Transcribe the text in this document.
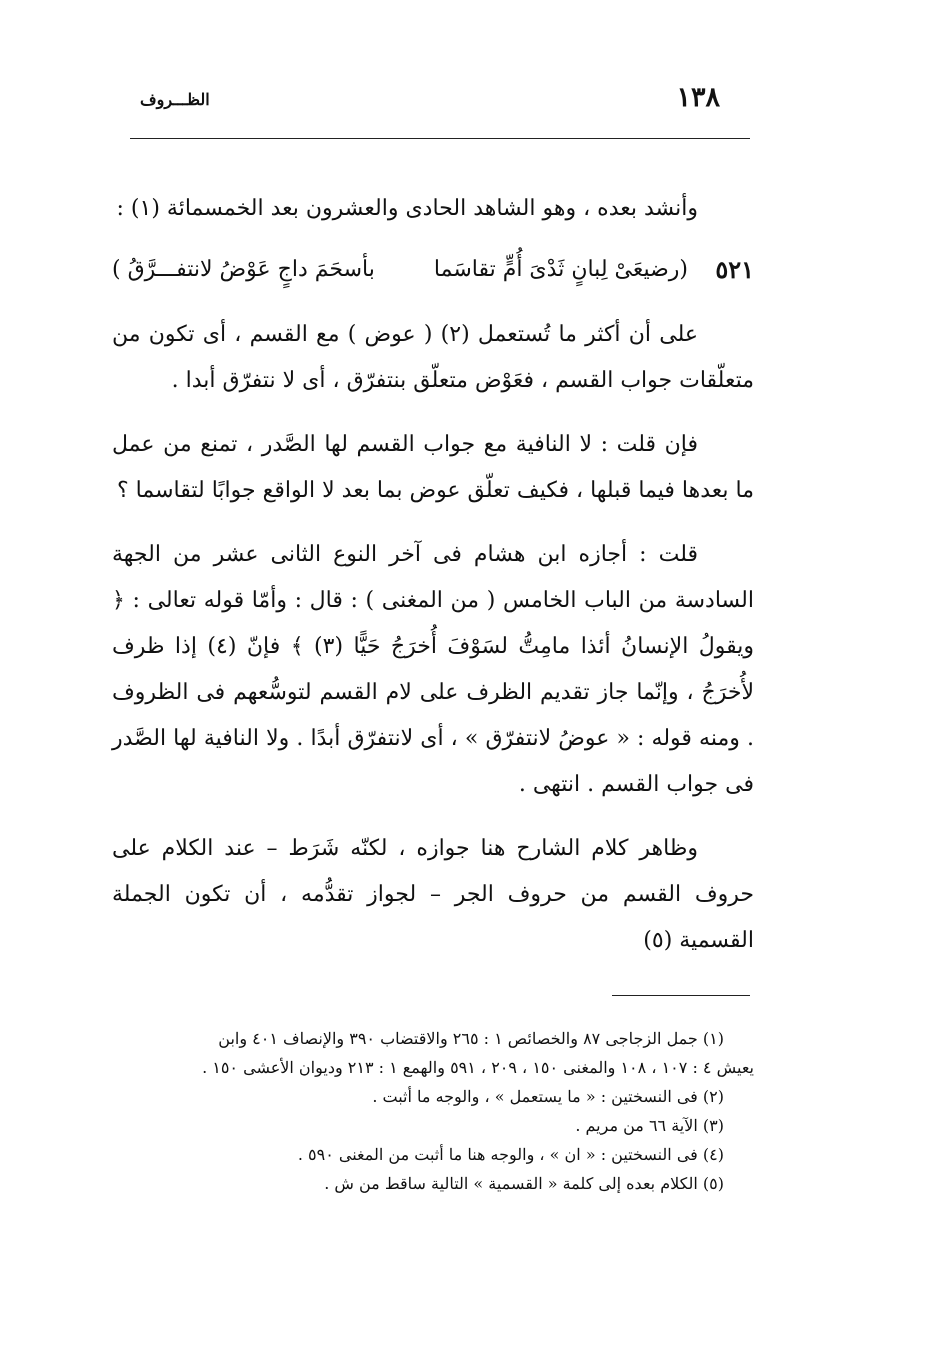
١٣٨
الظـــروف

وأنشد بعده ، وهو الشاهد الحادى والعشرون بعد الخمسمائة (١) :

٥٢١
(رضيعَىْ لِبانٍ ثَدْىَ أُمٍّ تقاسَما
بأسحَمَ داجٍ عَوْضُ لانتفـــرَّقُ )

على أن أكثر ما تُستعمل (٢) ( عوض ) مع القسم ، أى تكون من متعلّقات جواب القسم ، فعَوْض متعلّق بنتفرّق ، أى لا نتفرّق أبدا .

فإن قلت : لا النافية مع جواب القسم لها الصَّدر ، تمنع من عمل ما بعدها فيما قبلها ، فكيف تعلّق عوض بما بعد لا الواقع جوابًا لتقاسما ؟

قلت : أجازه ابن هشام فى آخر النوع الثانى عشر من الجهة السادسة من الباب الخامس ( من المغنى ) : قال : وأمّا قوله تعالى : ﴿ ويقولُ الإنسانُ أئذا مامِتُّ لسَوْفَ أُخرَجُ حَيًّا (٣) ﴾ فإنّ (٤) إذا ظرف لأُخرَجُ ، وإنّما جاز تقديم الظرف على لام القسم لتوسُّعهم فى الظروف . ومنه قوله : « عوضُ لانتفرّق » ، أى لانتفرّق أبدًا . ولا النافية لها الصَّدر فى جواب القسم . انتهى .

وظاهر كلام الشارح هنا جوازه ، لكنّه شَرَط – عند الكلام على حروف القسم من حروف الجر – لجواز تقدُّمه ، أن تكون الجملة القسمية (٥)

(١) جمل الزجاجى ٨٧ والخصائص ١ : ٢٦٥ والاقتضاب ٣٩٠ والإنصاف ٤٠١ وابن

يعيش ٤ : ١٠٧ ، ١٠٨ والمغنى ١٥٠ ، ٢٠٩ ، ٥٩١ والهمع ١ : ٢١٣ وديوان الأعشى ١٥٠ .

(٢) فى النسختين : « ما يستعمل » ، والوجه ما أثبت .

(٣) الآية ٦٦ من مريم .

(٤) فى النسختين : « ان » ، والوجه هنا ما أثبت من المغنى ٥٩٠ .

(٥) الكلام بعده إلى كلمة « القسمية » التالية ساقط من ش .
